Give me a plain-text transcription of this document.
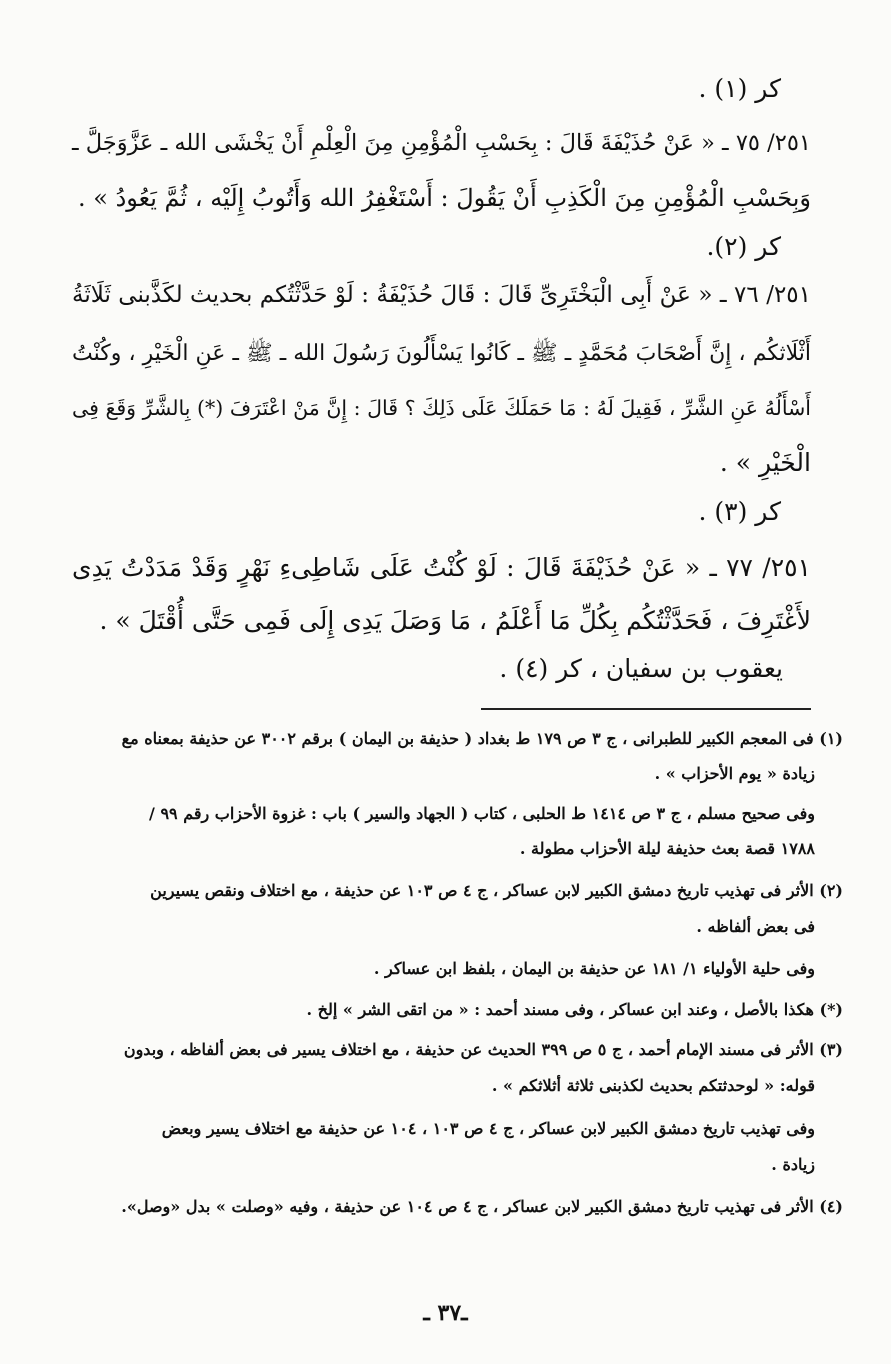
كر (١) .
٢٥١/ ٧٥ ـ « عَنْ حُذَيْفَةَ قَالَ : بِحَسْبِ الْمُؤْمِنِ مِنَ الْعِلْمِ أَنْ يَخْشَى الله ـ عَزَّوَجَلَّ ـ
وَبِحَسْبِ الْمُؤْمِنِ مِنَ الْكَذِبِ أَنْ يَقُولَ : أَسْتَغْفِرُ الله وَأَتُوبُ إِلَيْه ، ثُمَّ يَعُودُ » .
كر (٢).
٢٥١/ ٧٦ ـ « عَنْ أَبِى الْبَخْتَرِىِّ قَالَ : قَالَ حُذَيْفَةُ : لَوْ حَدَّثْتُكم بحديث لكَذَّبنى ثَلَاثَةُ
أَثْلَاثكُم ، إِنَّ أَصْحَابَ مُحَمَّدٍ ـ ﷺ ـ كَانُوا يَسْأَلُونَ رَسُولَ الله ـ ﷺ ـ عَنِ الْخَيْرِ ، وكُنْتُ
أَسْأَلُهُ عَنِ الشَّرِّ ، فَقِيلَ لَهُ : مَا حَمَلَكَ عَلَى ذَلِكَ ؟ قَالَ : إِنَّ مَنْ اعْتَرَفَ (*) بِالشَّرِّ وَقَعَ فِى
الْخَيْرِ » .
كر (٣) .
٢٥١/ ٧٧ ـ « عَنْ حُذَيْفَةَ قَالَ : لَوْ كُنْتُ عَلَى شَاطِىءِ نَهْرٍ وَقَدْ مَدَدْتُ يَدِى
لأَغْتَرِفَ ، فَحَدَّثْتُكُم بِكُلِّ مَا أَعْلَمُ ، مَا وَصَلَ يَدِى إِلَى فَمِى حَتَّى أُقْتَلَ » .
يعقوب بن سفيان ، كر (٤) .
(١) فى المعجم الكبير للطبرانى ، ج ٣ ص ١٧٩ ط بغداد ( حذيفة بن اليمان ) برقم ٣٠٠٢ عن حذيفة بمعناه مع
زيادة « يوم الأحزاب » .
وفى صحيح مسلم ، ج ٣ ص ١٤١٤ ط الحلبى ، كتاب ( الجهاد والسير ) باب : غزوة الأحزاب رقم ٩٩ /
١٧٨٨ قصة بعث حذيفة ليلة الأحزاب مطولة .
(٢) الأثر فى تهذيب تاريخ دمشق الكبير لابن عساكر ، ج ٤ ص ١٠٣ عن حذيفة ، مع اختلاف ونقص يسيرين
فى بعض ألفاظه .
وفى حلية الأولياء ١/ ١٨١ عن حذيفة بن اليمان ، بلفظ ابن عساكر .
(*) هكذا بالأصل ، وعند ابن عساكر ، وفى مسند أحمد : « من اتقى الشر » إلخ .
(٣) الأثر فى مسند الإمام أحمد ، ج ٥ ص ٣٩٩ الحديث عن حذيفة ، مع اختلاف يسير فى بعض ألفاظه ، وبدون
قوله: « لوحدثتكم بحديث لكذبنى ثلاثة أثلاثكم » .
وفى تهذيب تاريخ دمشق الكبير لابن عساكر ، ج ٤ ص ١٠٣ ، ١٠٤ عن حذيفة مع اختلاف يسير وبعض
زيادة .
(٤) الأثر فى تهذيب تاريخ دمشق الكبير لابن عساكر ، ج ٤ ص ١٠٤ عن حذيفة ، وفيه «وصلت » بدل «وصل».
ـ٣٧ ـ
